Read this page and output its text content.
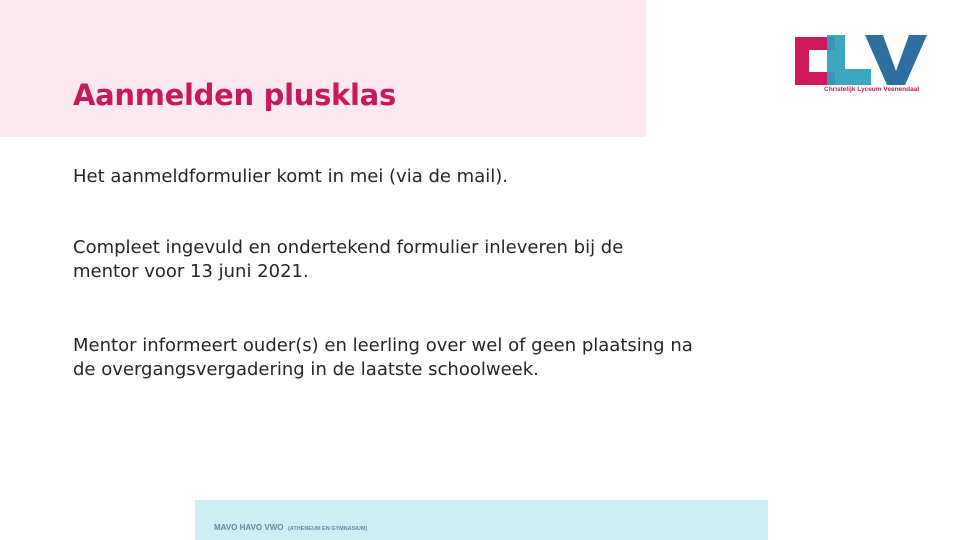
Aanmelden plusklas	Christelijk Lyceum Veenendaal

Het aanmeldformulier komt in mei (via de mail).

Compleet ingevuld en ondertekend formulier inleveren bij de mentor voor 13 juni 2021.

Mentor informeert ouder(s) en leerling over wel of geen plaatsing na de overgangsvergadering in de laatste schoolweek.

MAVO HAVO VWO (ATHENEUM EN GYMNASIUM)
